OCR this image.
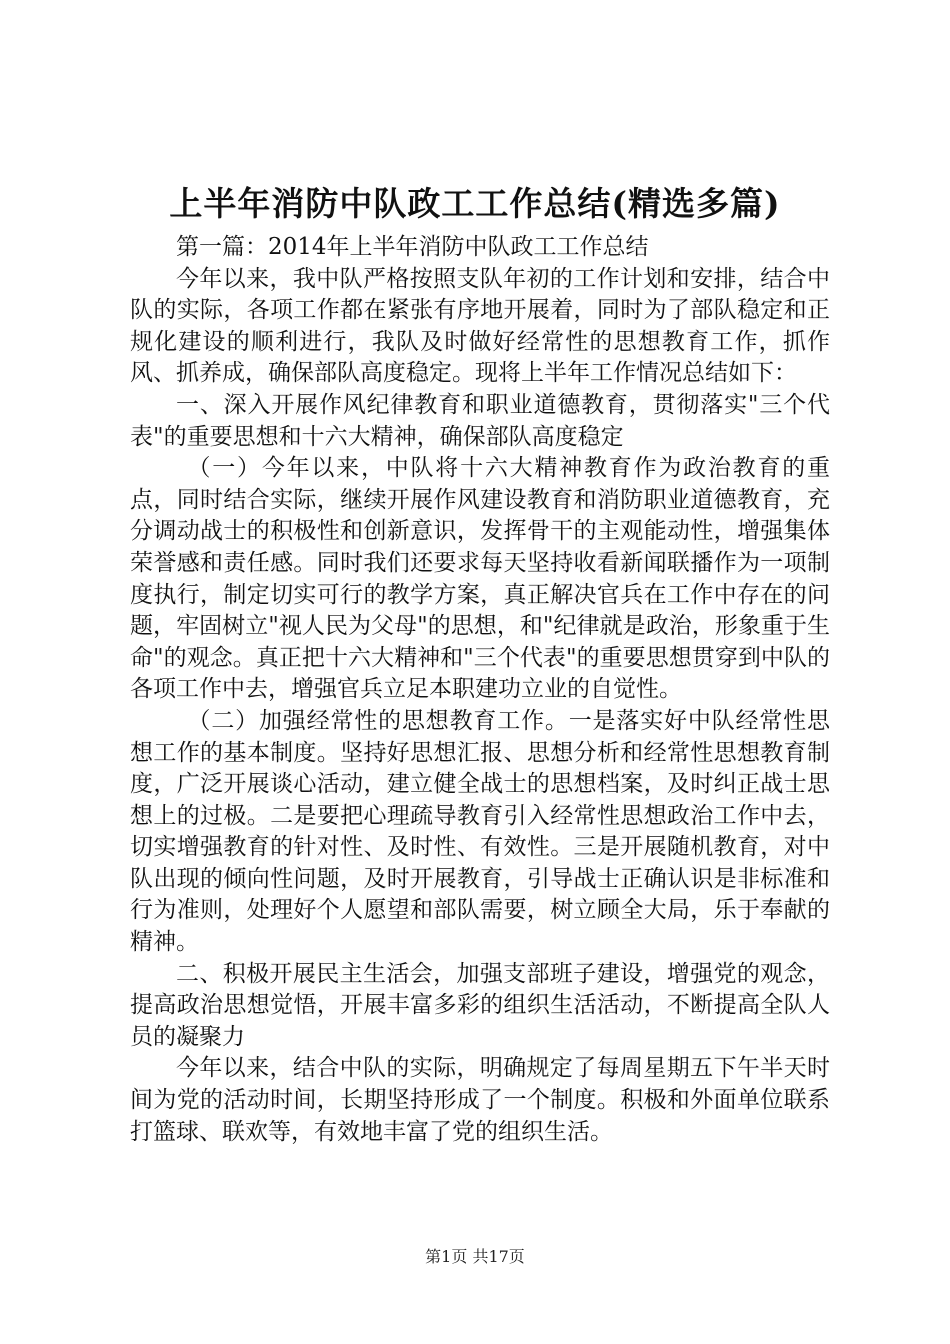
上半年消防中队政工工作总结(精选多篇)

第一篇：2014年上半年消防中队政工工作总结

今年以来，我中队严格按照支队年初的工作计划和安排，结合中队的实际，各项工作都在紧张有序地开展着，同时为了部队稳定和正规化建设的顺利进行，我队及时做好经常性的思想教育工作，抓作风、抓养成，确保部队高度稳定。现将上半年工作情况总结如下：

一、深入开展作风纪律教育和职业道德教育，贯彻落实"三个代表"的重要思想和十六大精神，确保部队高度稳定

（一）今年以来，中队将十六大精神教育作为政治教育的重点，同时结合实际，继续开展作风建设教育和消防职业道德教育，充分调动战士的积极性和创新意识，发挥骨干的主观能动性，增强集体荣誉感和责任感。同时我们还要求每天坚持收看新闻联播作为一项制度执行，制定切实可行的教学方案，真正解决官兵在工作中存在的问题，牢固树立"视人民为父母"的思想，和"纪律就是政治，形象重于生命"的观念。真正把十六大精神和"三个代表"的重要思想贯穿到中队的各项工作中去，增强官兵立足本职建功立业的自觉性。

（二）加强经常性的思想教育工作。一是落实好中队经常性思想工作的基本制度。坚持好思想汇报、思想分析和经常性思想教育制度，广泛开展谈心活动，建立健全战士的思想档案，及时纠正战士思想上的过极。二是要把心理疏导教育引入经常性思想政治工作中去，切实增强教育的针对性、及时性、有效性。三是开展随机教育，对中队出现的倾向性问题，及时开展教育，引导战士正确认识是非标准和行为准则，处理好个人愿望和部队需要，树立顾全大局，乐于奉献的精神。

二、积极开展民主生活会，加强支部班子建设，增强党的观念，提高政治思想觉悟，开展丰富多彩的组织生活活动，不断提高全队人员的凝聚力

今年以来，结合中队的实际，明确规定了每周星期五下午半天时间为党的活动时间，长期坚持形成了一个制度。积极和外面单位联系打篮球、联欢等，有效地丰富了党的组织生活。

第1页 共17页
